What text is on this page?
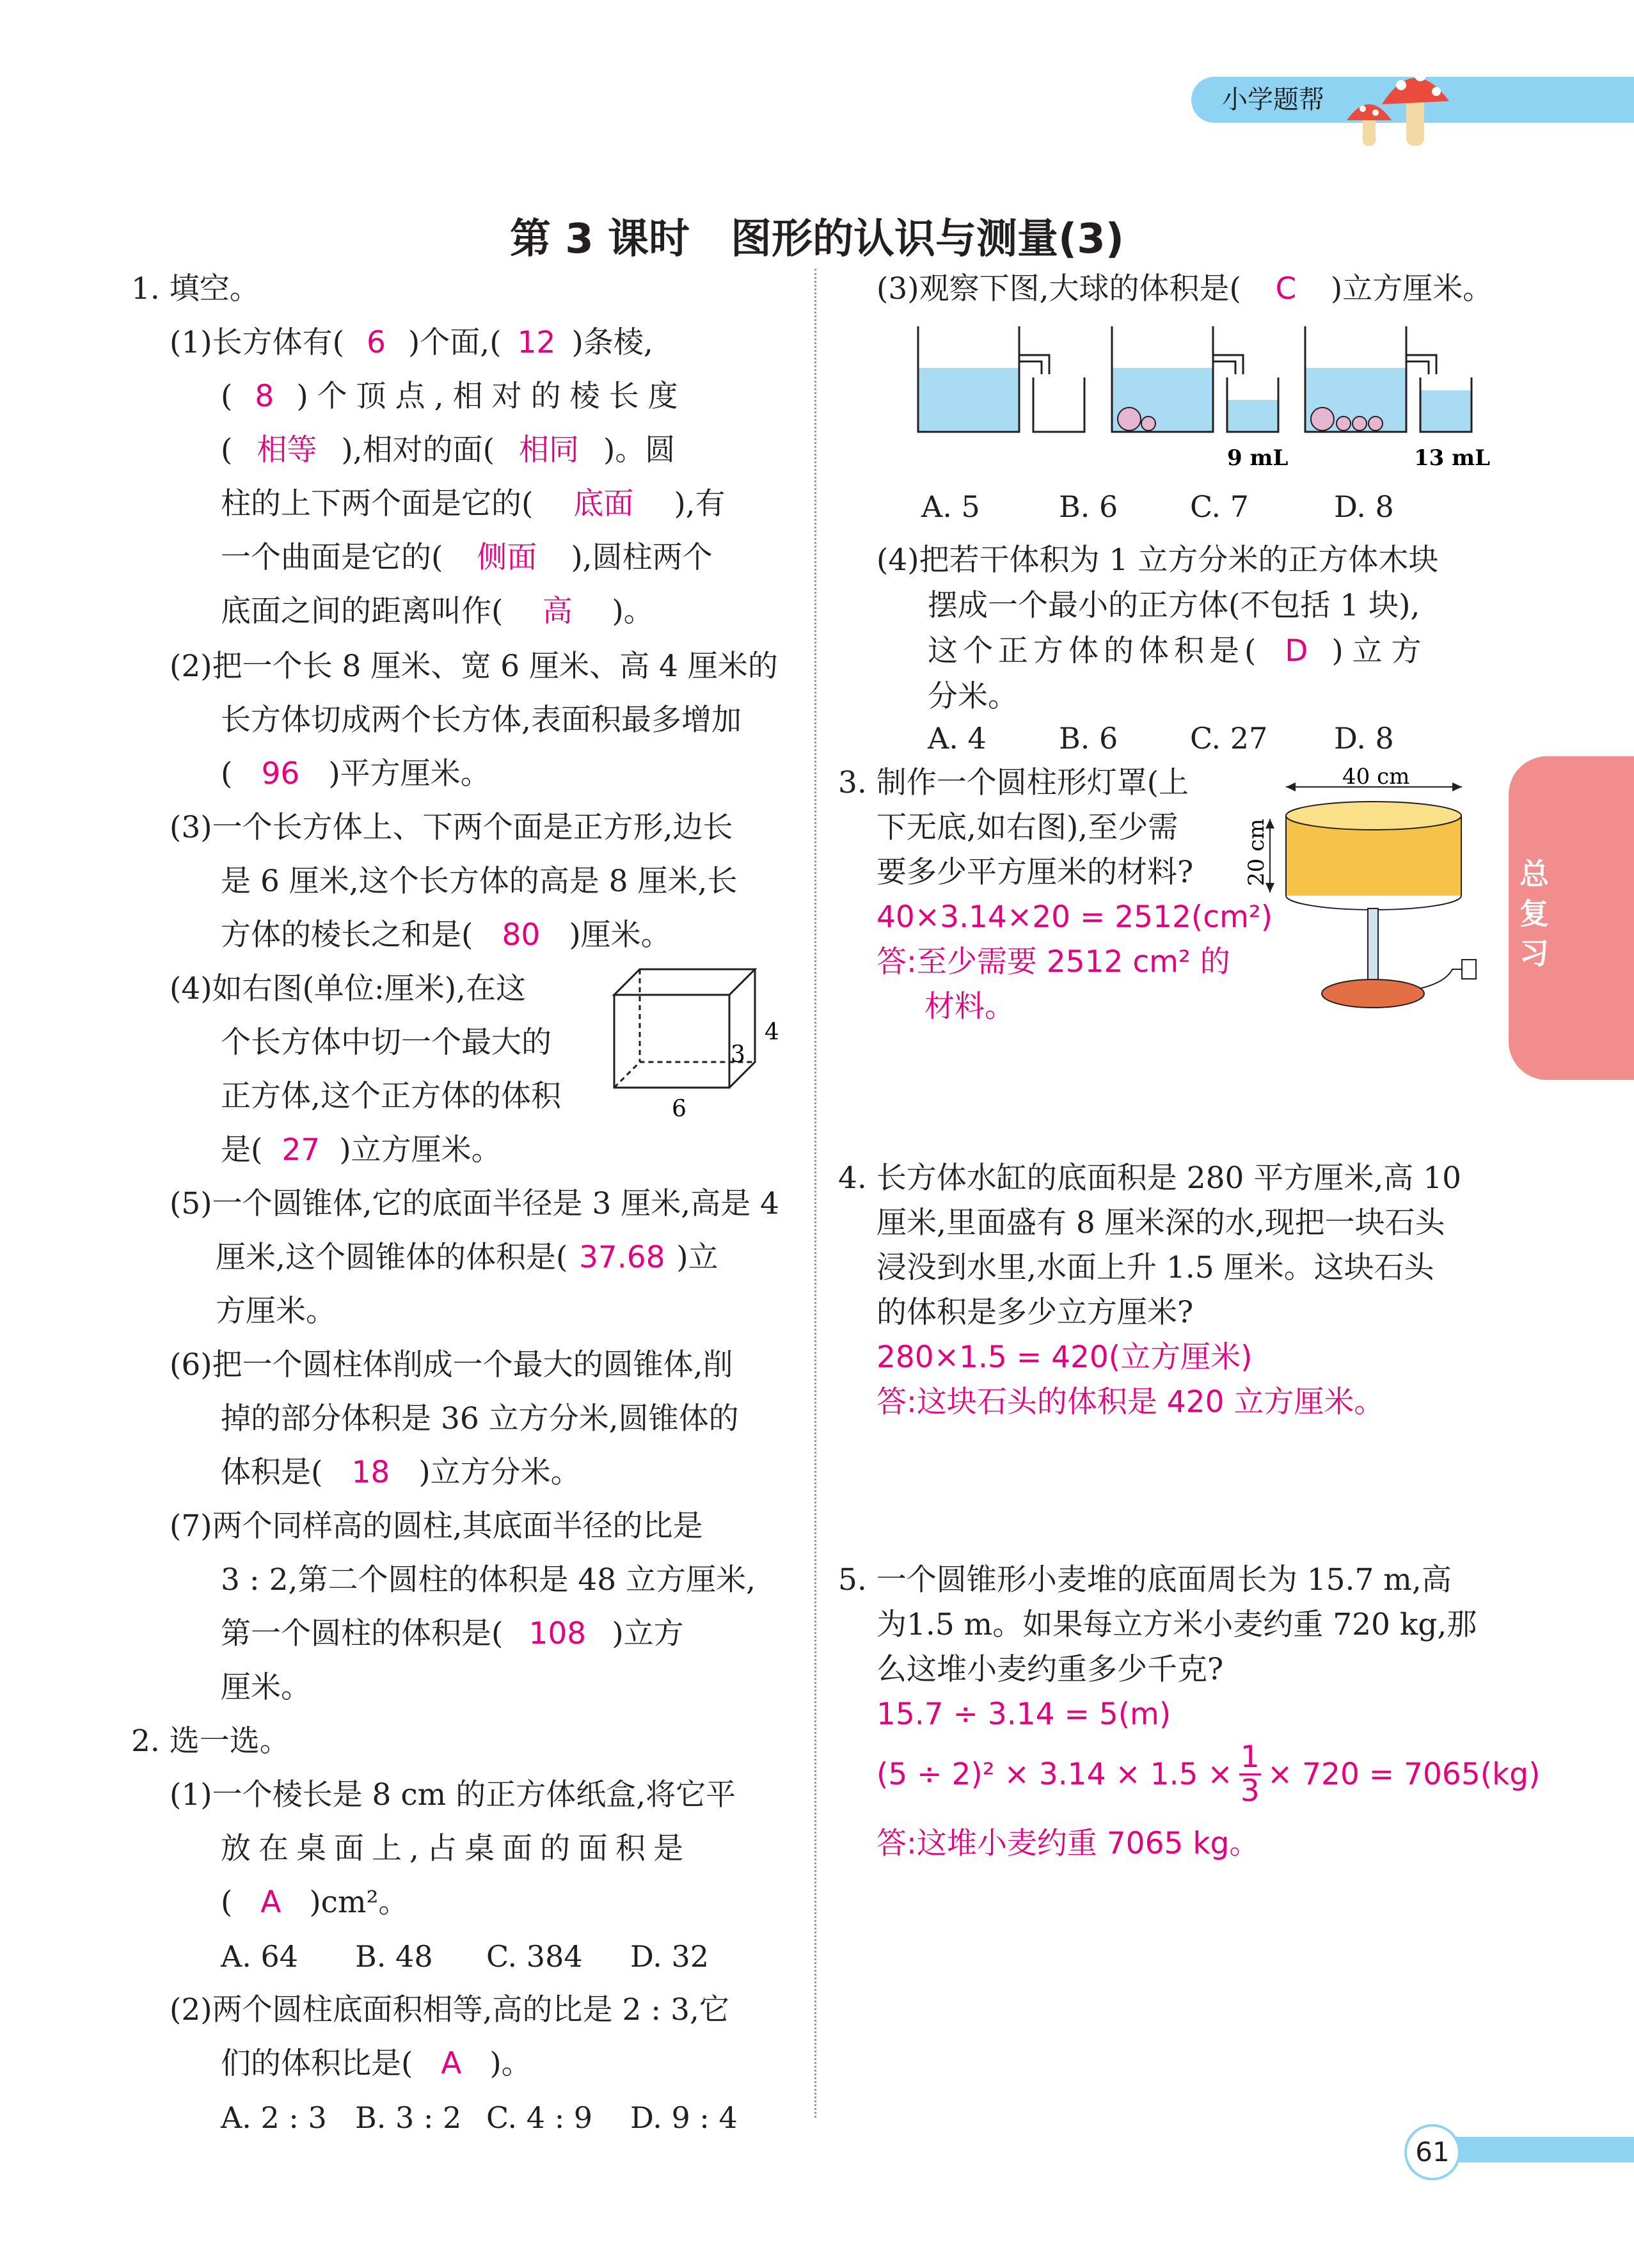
小学题帮
总
复
习
第 3 课时　图形的认识与测量(3)
1. 填空。
(1)长方体有( 6 )个面,( 12 )条棱,
( 8 )个顶点,相对的棱长度
( 相等 ),相对的面( 相同 )。圆
柱的上下两个面是它的( 底面 ),有
一个曲面是它的( 侧面 ),圆柱两个
底面之间的距离叫作( 高 )。
(2)把一个长 8 厘米、宽 6 厘米、高 4 厘米的
长方体切成两个长方体,表面积最多增加
( 96 )平方厘米。
(3)一个长方体上、下两个面是正方形,边长
是 6 厘米,这个长方体的高是 8 厘米,长
方体的棱长之和是( 80 )厘米。
(4)如右图(单位:厘米),在这
个长方体中切一个最大的
正方体,这个正方体的体积
是( 27 )立方厘米。
3
4
6
(5)一个圆锥体,它的底面半径是 3 厘米,高是 4
厘米,这个圆锥体的体积是( 37.68 )立
方厘米。
(6)把一个圆柱体削成一个最大的圆锥体,削
掉的部分体积是 36 立方分米,圆锥体的
体积是( 18 )立方分米。
(7)两个同样高的圆柱,其底面半径的比是
3 : 2,第二个圆柱的体积是 48 立方厘米,
第一个圆柱的体积是( 108 )立方
厘米。
2. 选一选。
(1)一个棱长是 8 cm 的正方体纸盒,将它平
放在桌面上,占桌面的面积是
( A )cm²。
A. 64 B. 48 C. 384 D. 32
(2)两个圆柱底面积相等,高的比是 2 : 3,它
们的体积比是( A )。
A. 2 : 3 B. 3 : 2 C. 4 : 9 D. 9 : 4
(3)观察下图,大球的体积是( C )立方厘米。
9 mL	13 mL
A. 5	B. 6 C. 7	D. 8
(4)把若干体积为 1 立方分米的正方体木块
摆成一个最小的正方体(不包括 1 块),
这个正方体的体积是( D )立方
分米。
A. 4 B. 6 C. 27 D. 8
3. 制作一个圆柱形灯罩(上
下无底,如右图),至少需
要多少平方厘米的材料?
40×3.14×20 = 2512(cm²)
答:至少需要 2512 cm² 的
材料。
40 cm
20 cm
4. 长方体水缸的底面积是 280 平方厘米,高 10
厘米,里面盛有 8 厘米深的水,现把一块石头
浸没到水里,水面上升 1.5 厘米。这块石头
的体积是多少立方厘米?
280×1.5 = 420(立方厘米)
答:这块石头的体积是 420 立方厘米。
5. 一个圆锥形小麦堆的底面周长为 15.7 m,高
为1.5 m。如果每立方米小麦约重 720 kg,那
么这堆小麦约重多少千克?
15.7 ÷ 3.14 = 5(m)
(5 ÷ 2)² × 3.14 × 1.5 × 1
3 × 720 = 7065(kg)
答:这堆小麦约重 7065 kg。
61
